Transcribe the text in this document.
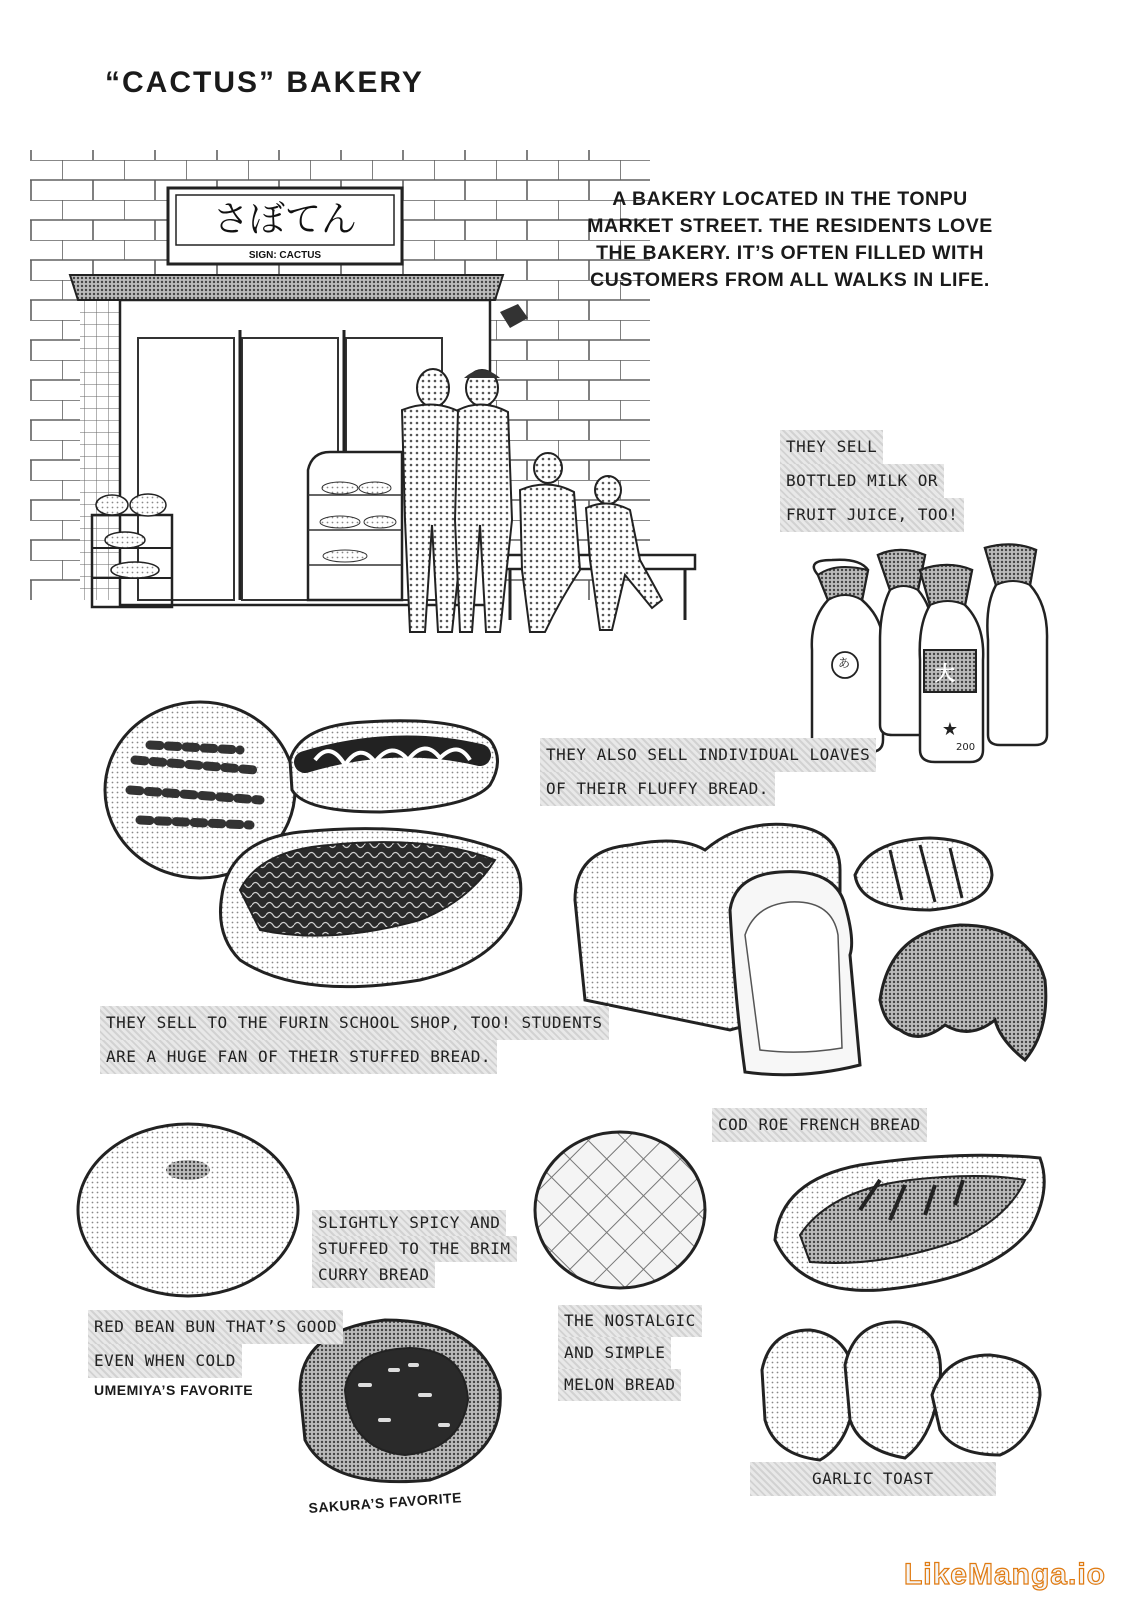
★
“CACTUS” BAKERY
A BAKERY LOCATED IN THE TONPU
MARKET STREET. THE RESIDENTS LOVE
THE BAKERY. IT’S OFTEN FILLED WITH
CUSTOMERS FROM ALL WALKS IN LIFE.
さぼてん
SIGN: CACTUS
あ	大
200
THEY SELL
BOTTLED MILK OR
FRUIT JUICE, TOO!
THEY ALSO SELL INDIVIDUAL LOAVES
OF THEIR FLUFFY BREAD.
THEY SELL TO THE FURIN SCHOOL SHOP, TOO! STUDENTS
ARE A HUGE FAN OF THEIR STUFFED BREAD.
COD ROE FRENCH BREAD
SLIGHTLY SPICY AND
STUFFED TO THE BRIM
CURRY BREAD
RED BEAN BUN THAT’S GOOD
EVEN WHEN COLD
UMEMIYA’S FAVORITE
THE NOSTALGIC
AND SIMPLE
MELON BREAD
SAKURA’S FAVORITE
GARLIC TOAST
LikeManga.io
